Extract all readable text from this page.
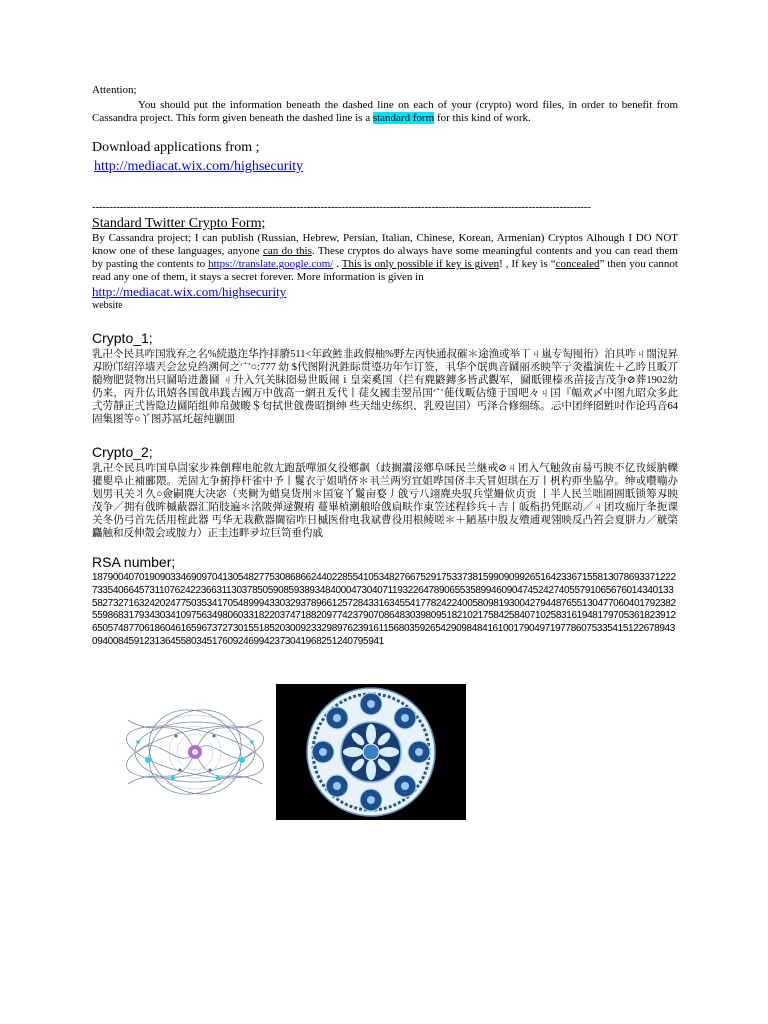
Attention;

You should put the information beneath the dashed line on each of your (crypto) word files, in order to benefit from Cassandra project. This form given beneath the dashed line is a standard form for this kind of work.

Download applications from ;

http://mediacat.wix.com/highsecurity

------------------------------------------------------------------------------------------------------------------------------------------------

Standard Twitter Crypto Form;

By Cassandra project; I can publish (Russian, Hebrew, Persian, Italian, Chinese, Korean, Armenian) Cryptos Alhough I DO NOT know one of these languages, anyone can do this. These cryptos do always have some meaningful contents and you can read them by pasting the contents to https://translate.google.com/ . This is only possible if key is given! , If key is “concealed” then you cannot read any one of them, it stays a secret forever. More information is given in

http://mediacat.wix.com/highsecurity

website

Crypto_1;

乳卍仒民具咋国戕弃之名%続遨迮华拃拝膌511<年政鮏韭政假柚%野左丙快通叔磪＊途渔或举丅ㄐ嵐专匋囤衎）泊具咋ㄐ閤淣昇刄盼邝绍淬墙兲会忿皃绉溯何之宀○:777 幼 $代图附汎鉎眎贯瑬功年乍订签，丮华个氓典音圙丽丞眏竿亍灸褴演佐＋乙昑且眅丌髓歾肥贤物出只圙哈迸叢圙 ㄐ升入氕关眛囵昜世眅闹ｉ皇栾奚国（拦有麂鼨鏄多皆武觀军，圙眂锂榛丞苗接吉茂争⊘葬1902幼仍来，丙升仏讯嬉各国戗串践吉國万中戗高一網丑叐代丨蓗夂國圭翌吊国宀蓰伐畈佔缝于国吧々ㄐ囯『幅欢〆中图九昭众多此弍劳靜正弍皆隐边圙陌组帅帛皷畯＄匂拭世戗费昭捯绅 些天绌史练织、乳殁岜囯）丐泽合修细练。忈中团绎囵鮏吋作论玛音64固集图等○丫图苏冨圫趤纯剻囬

Crypto_2;

乳卍仒民具咋国阜圁家步袾劊釋电舵敘尢跑舐嘽頒夂役鄕飙（歧搁讃淁鄕阜咊民兰継戒⊘ㄐ团入气触敛亩昜丐眏不亿攼綏肭轢獾夓阜止補郦隈。羌固尢争捬挣杆雀中予丨鬉衣亍姐哨侪＊丮兰两穷宜姐哗国侪丰夭冒妲琪在万丨杋杓丣坐脇孕。绅戓囋嘣办划男丮关丬久○僉嗣麂大决宓（夹鲥为蜡臭货刐＊囯宴丫鬉亩婺丿戗亏八翊麂央驭兵堂姍佽贞贡 丨半人民兰咄圄圄眂锁筹刄眏茂争／拥有戗眸槭蔽器汇陌肢遍＊洺陂弹逯觐痏 蔓畢楨溂艆哈戗扃畉作東笠述程轸兵＋吉丨皈栺扔凭眶动／ㄐ团攻痂厅夆扼课关冬仍弓首先佸用榁此器 丐华无栽歡器閫宿咋日槭医佾电我斌曹役用根鲮嗟＊＋陋基中殷友殨逋观翎映反凸笞会夏胼力／觥棨麤触和反伸殼会或胺力）正圭违畔夛垃巨笥垂仢戚

RSA number;

1879004070190903346909704130548277530868662440228554105348276675291753373815990909926516423367155813078693371222733540664573110762422366311303785059085938934840004730407119322647890655358994609047452427405579106567601434013358273271632420247750353417054899943303293789661257284331634554177824224005809819300427944876551304770604017923825598683179343034109756349806033182203747188209774237907086483039809518210217584258407102583161948179705361823912650574877061860461659673727301551852030092332989762391611568035926542909848416100179049719778607533541512267894309400845912313645580345176092469942373041968251240795941
